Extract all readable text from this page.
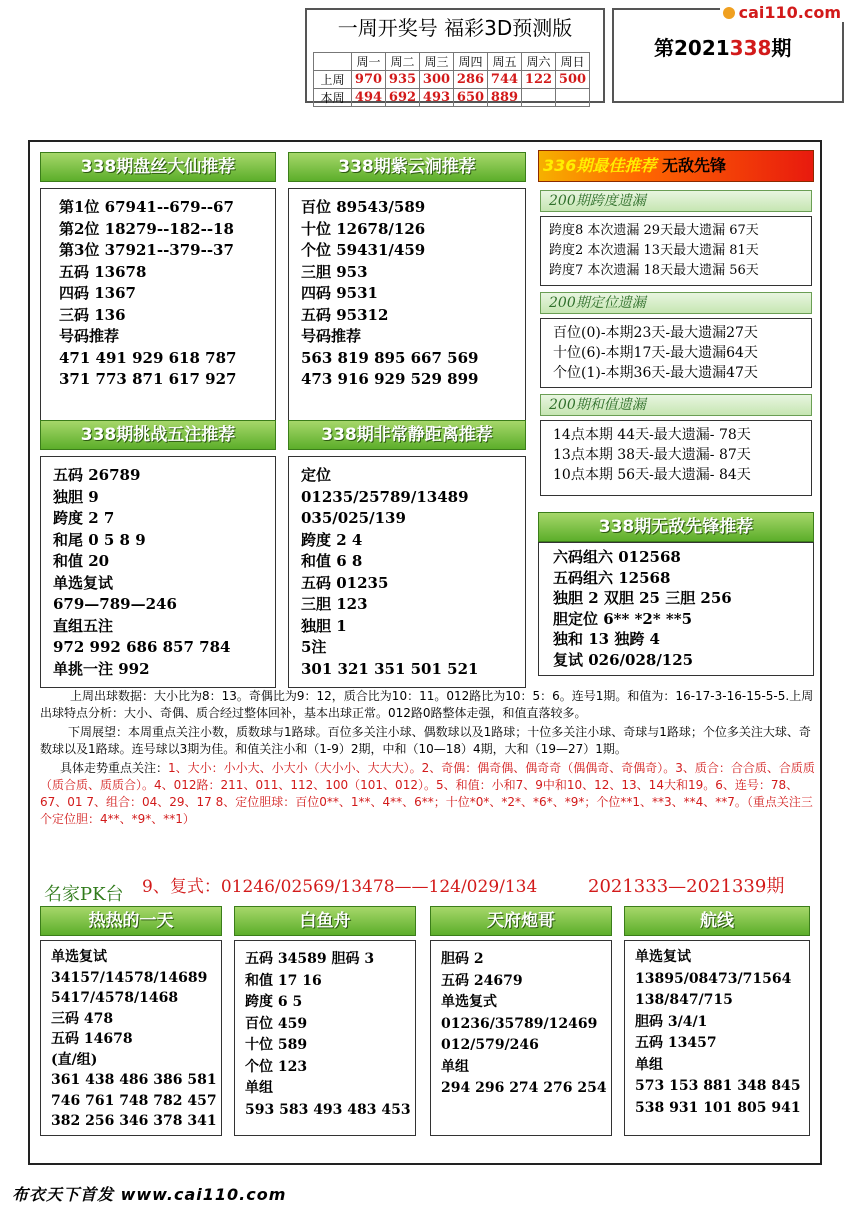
一周开奖号 福彩3D预测版
	周一	周二	周三	周四	周五	周六	周日
上周	970	935	300	286	744	122	500
本周	494	692	493	650	889		
第2021338期
cai110.com
338期盘丝大仙推荐
第1位 67941--679--67
第2位 18279--182--18
第3位 37921--379--37
五码 13678
四码 1367
三码 136
号码推荐
471 491 929 618 787
371 773 871 617 927
338期紫云涧推荐
百位 89543/589
十位 12678/126
个位 59431/459
三胆 953
四码 9531
五码 95312
号码推荐
563 819 895 667 569
473 916 929 529 899
338期挑战五注推荐
五码 26789
独胆 9
跨度 2 7
和尾 0 5 8 9
和值 20
单选复试
679—789—246
直组五注
972 992 686 857 784
单挑一注 992
338期非常静距离推荐
定位
01235/25789/13489
035/025/139
跨度 2 4
和值 6 8
五码 01235
三胆 123
独胆 1
5注
301 321 351 501 521
336期最佳推荐 无敌先锋
200期跨度遗漏
跨度8 本次遗漏 29天最大遗漏 67天
跨度2 本次遗漏 13天最大遗漏 81天
跨度7 本次遗漏 18天最大遗漏 56天
200期定位遗漏
百位(0)-本期23天-最大遗漏27天
十位(6)-本期17天-最大遗漏64天
个位(1)-本期36天-最大遗漏47天
200期和值遗漏
14点本期 44天-最大遗漏- 78天
13点本期 38天-最大遗漏- 87天
10点本期 56天-最大遗漏- 84天
338期无敌先锋推荐
六码组六 012568
五码组六 12568
独胆 2 双胆 25 三胆 256
胆定位 6** *2* **5
独和 13 独跨 4
复试 026/028/125

上周出球数据：大小比为8：13。奇偶比为9：12，质合比为10：11。012路比为10：5：6。连号1期。和值为：16-17-3-16-15-5-5.上周出球特点分析：大小、奇偶、质合经过整体回补，基本出球正常。012路0路整体走强，和值直落较多。

下周展望：本周重点关注小数，质数球与1路球。百位多关注小球、偶数球以及1路球；十位多关注小球、奇球与1路球；个位多关注大球、奇数球以及1路球。连号球以3期为佳。和值关注小和（1-9）2期，中和（10—18）4期，大和（19—27）1期。

具体走势重点关注：1、大小：小小大、小大小（大小小、大大大）。2、奇偶：偶奇偶、偶奇奇（偶偶奇、奇偶奇）。3、质合：合合质、合质质（质合质、质质合）。4、012路：211、011、112、100（101、012）。5、和值：小和7、9中和10、12、13、14大和19。6、连号：78、67、01 7、组合：04、29、17 8、定位胆球：百位0**、1**、4**、6**；十位*0*、*2*、*6*、*9*；个位**1、**3、**4、**7。（重点关注三个定位胆：4**、*9*、**1）

名家PK台 9、复式：01246/02569/13478——124/029/134	2021333—2021339期
热热的一天
单选复试
34157/14578/14689
5417/4578/1468
三码 478
五码 14678
(直/组)
361 438 486 386 581
746 761 748 782 457
382 256 346 378 341
白鱼舟
五码 34589 胆码 3
和值 17 16
跨度 6 5
百位 459
十位 589
个位 123
单组
593 583 493 483 453
天府炮哥
胆码 2
五码 24679
单选复式
01236/35789/12469
012/579/246
单组
294 296 274 276 254
航线
单选复试
13895/08473/71564
138/847/715
胆码 3/4/1
五码 13457
单组
573 153 881 348 845
538 931 101 805 941
布衣天下首发 www.cai110.com
